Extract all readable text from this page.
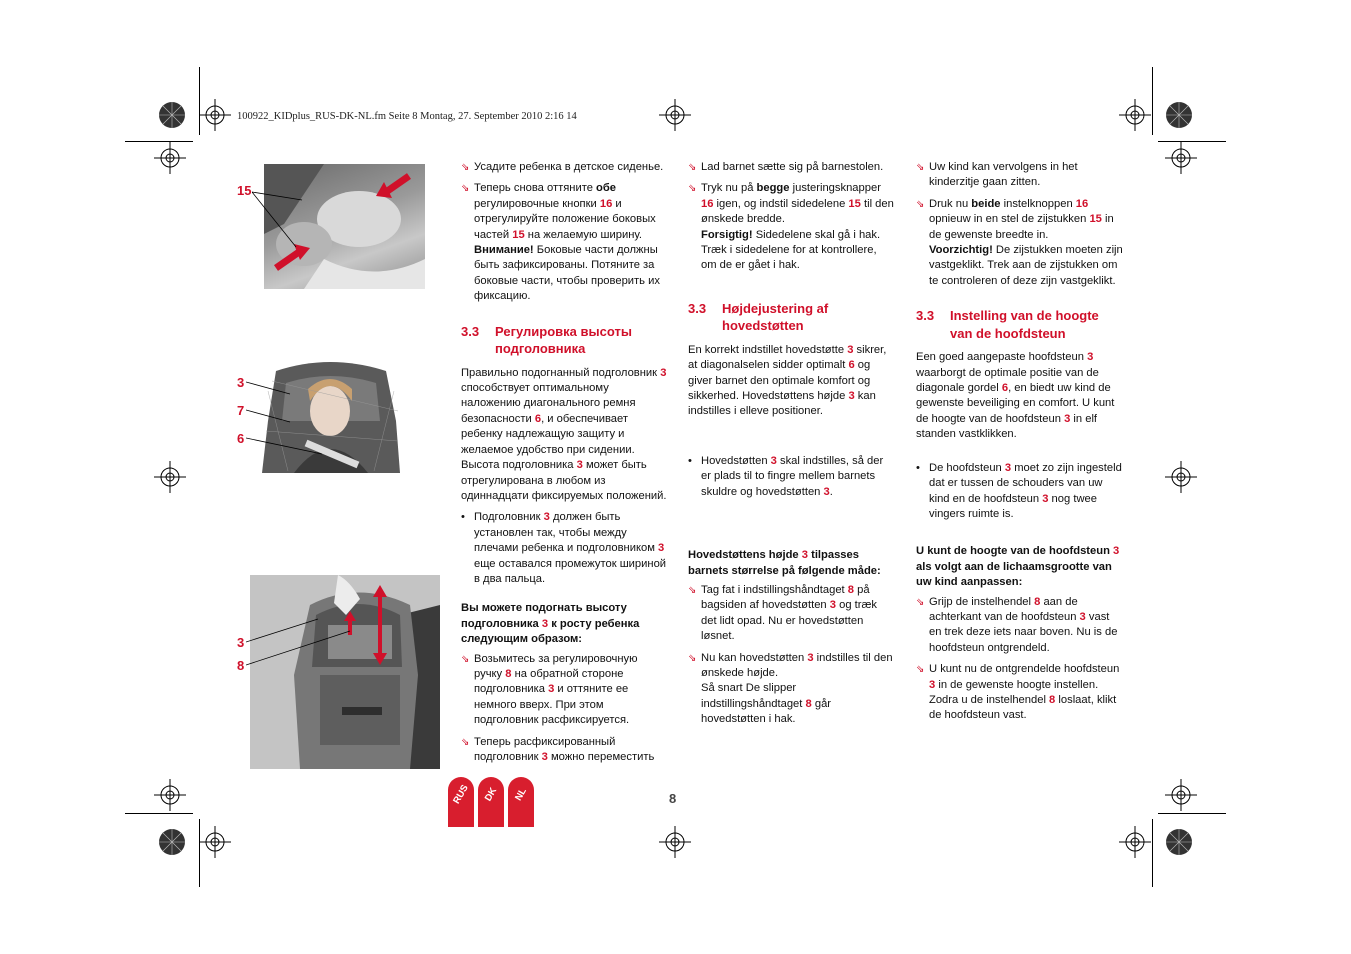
100922_KIDplus_RUS-DK-NL.fm Seite 8 Montag, 27. September 2010 2:16 14
15
3
7
6
3
8

⇘ Усадите ребенка в детское сиденье.

⇘ Теперь снова оттяните обе регулировочные кнопки 16 и отрегулируйте положение боковых частей 15 на желаемую ширину.
Внимание! Боковые части должны быть зафиксированы. Потяните за боковые части, чтобы проверить их фиксацию.

3.3 Регулировка высоты подголовника

Правильно подогнанный подголовник 3 способствует оптимальному наложению диагонального ремня безопасности 6, и обеспечивает ребенку надлежащую защиту и желаемое удобство при сидении. Высота подголовника 3 может быть отрегулирована в любом из одиннадцати фиксируемых положений.

• Подголовник 3 должен быть установлен так, чтобы между плечами ребенка и подголовником 3 еще оставался промежуток шириной в два пальца.

Вы можете подогнать высоту подголовника 3 к росту ребенка следующим образом:

⇘ Возьмитесь за регулировочную ручку 8 на обратной стороне подголовника 3 и оттяните ее немного вверх. При этом подголовник расфиксируется.

⇘ Теперь расфиксированный подголовник 3 можно переместить

⇘ Lad barnet sætte sig på barnestolen.

⇘ Tryk nu på begge justeringsknapper 16 igen, og indstil sidedelene 15 til den ønskede bredde.
Forsigtig! Sidedelene skal gå i hak. Træk i sidedelene for at kontrollere, om de er gået i hak.

3.3 Højdejustering af hovedstøtten

En korrekt indstillet hovedstøtte 3 sikrer, at diagonalselen sidder optimalt 6 og giver barnet den optimale komfort og sikkerhed. Hovedstøttens højde 3 kan indstilles i elleve positioner.

• Hovedstøtten 3 skal indstilles, så der er plads til to fingre mellem barnets skuldre og hovedstøtten 3.

Hovedstøttens højde 3 tilpasses barnets størrelse på følgende måde:

⇘ Tag fat i indstillingshåndtaget 8 på bagsiden af hovedstøtten 3 og træk det lidt opad. Nu er hovedstøtten løsnet.

⇘ Nu kan hovedstøtten 3 indstilles til den ønskede højde.
Så snart De slipper indstillingshåndtaget 8 går hovedstøtten i hak.

⇘ Uw kind kan vervolgens in het kinderzitje gaan zitten.

⇘ Druk nu beide instelknoppen 16 opnieuw in en stel de zijstukken 15 in de gewenste breedte in.
Voorzichtig! De zijstukken moeten zijn vastgeklikt. Trek aan de zijstukken om te controleren of deze zijn vastgeklikt.

3.3 Instelling van de hoogte van de hoofdsteun

Een goed aangepaste hoofdsteun 3 waarborgt de optimale positie van de diagonale gordel 6, en biedt uw kind de gewenste beveiliging en comfort. U kunt de hoogte van de hoofdsteun 3 in elf standen vastklikken.

• De hoofdsteun 3 moet zo zijn ingesteld dat er tussen de schouders van uw kind en de hoofdsteun 3 nog twee vingers ruimte is.

U kunt de hoogte van de hoofdsteun 3 als volgt aan de lichaamsgrootte van uw kind aanpassen:

⇘ Grijp de instelhendel 8 aan de achterkant van de hoofdsteun 3 vast en trek deze iets naar boven. Nu is de hoofdsteun ontgrendeld.

⇘ U kunt nu de ontgrendelde hoofdsteun 3 in de gewenste hoogte instellen.
Zodra u de instelhendel 8 loslaat, klikt de hoofdsteun vast.

RUS	DK	NL	8
